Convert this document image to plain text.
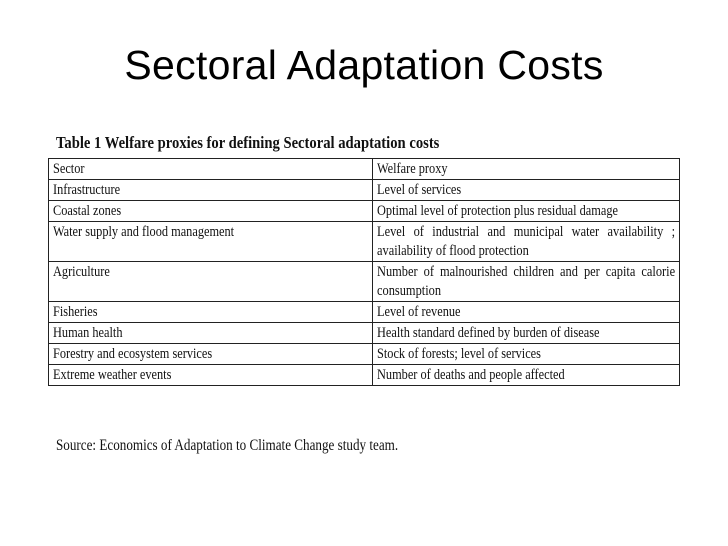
Sectoral Adaptation Costs
Table 1 Welfare proxies for defining Sectoral adaptation costs
Sector	Welfare proxy
Infrastructure	Level of services
Coastal zones	Optimal level of protection plus residual damage
Water supply and flood management	Level of industrial and municipal water availability ; availability of flood protection

Agriculture	Number of malnourished children and per capita calorie consumption

Fisheries	Level of revenue
Human health	Health standard defined by burden of disease
Forestry and ecosystem services	Stock of forests; level of services
Extreme weather events	Number of deaths and people affected
Source: Economics of Adaptation to Climate Change study team.
